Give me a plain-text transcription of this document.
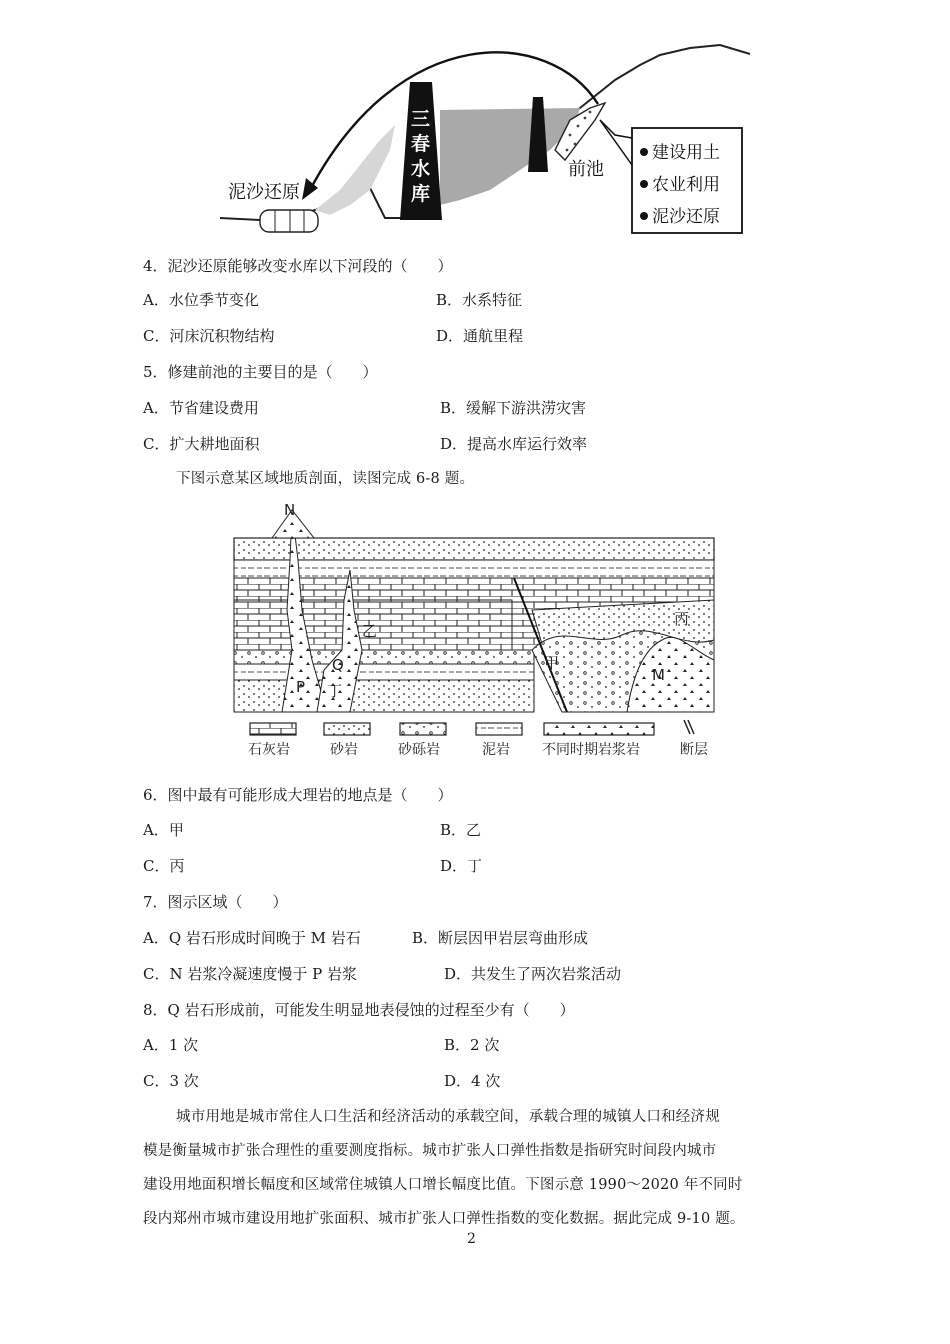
三
春
水
库
前池
泥沙还原
建设用土
农业利用
泥沙还原
4．泥沙还原能够改变水库以下河段的（　　）
A．水位季节变化	B．水系特征
C．河床沉积物结构	D．通航里程
5．修建前池的主要目的是（　　）
A．节省建设费用	B．缓解下游洪涝灾害
C．扩大耕地面积	D．提高水库运行效率
下图示意某区域地质剖面，读图完成 6-8 题。
N
甲
乙
丙
丁
Q
P
M
石灰岩	砂岩	砂砾岩	泥岩 不同时期岩浆岩	断层
6．图中最有可能形成大理岩的地点是（　　）
A．甲	B．乙
C．丙	D．丁
7．图示区域（　　）
A．Q 岩石形成时间晚于 M 岩石	B．断层因甲岩层弯曲形成
C．N 岩浆冷凝速度慢于 P 岩浆	D．共发生了两次岩浆活动
8．Q 岩石形成前，可能发生明显地表侵蚀的过程至少有（　　）
A．1 次	B．2 次
C．3 次	D．4 次
城市用地是城市常住人口生活和经济活动的承载空间，承载合理的城镇人口和经济规
模是衡量城市扩张合理性的重要测度指标。城市扩张人口弹性指数是指研究时间段内城市
建设用地面积增长幅度和区域常住城镇人口增长幅度比值。下图示意 1990～2020 年不同时
段内郑州市城市建设用地扩张面积、城市扩张人口弹性指数的变化数据。据此完成 9-10 题。
2
